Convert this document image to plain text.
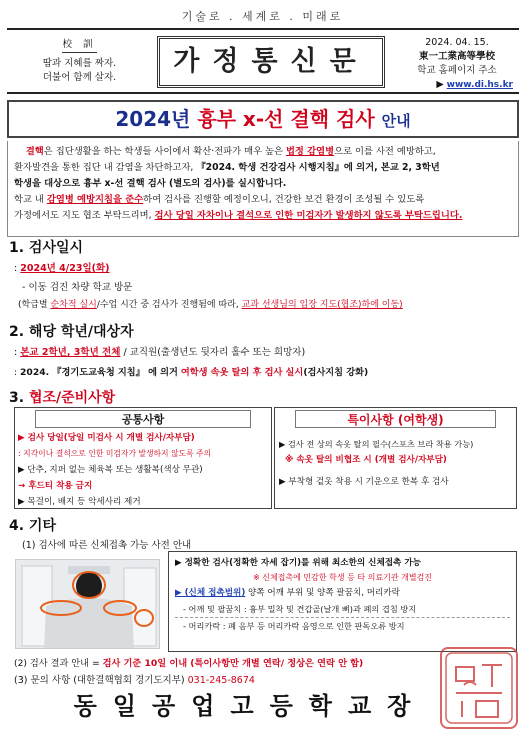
기술로 . 세계로 . 미래로
校 訓
땀과 지혜를 짜자.
더불어 함께 살자.
가정통신문
2024. 04. 15.
東一工業高等學校
학교 홈페이지 주소
▶ www.di.hs.kr
2024년 흉부 x-선 결핵 검사 안내

결핵은 집단생활을 하는 학생들 사이에서 확산·전파가 매우 높은 법정 감염병으로 이를 사전 예방하고,

환자발견을 통한 집단 내 감염을 차단하고자, 『2024. 학생 건강검사 시행지침』에 의거, 본교 2, 3학년

학생을 대상으로 흉부 x-선 결핵 검사 (별도의 검사)를 실시합니다.

학교 내 감염병 예방지침을 준수하여 검사를 진행할 예정이오니, 건강한 보건 환경이 조성될 수 있도록

가정에서도 지도 협조 부탁드리며, 검사 당일 자차이나 결석으로 인한 미검자가 발생하지 않도록 부탁드립니다.

1. 검사일시
: 2024년 4/23일(화)
- 이동 검진 차량 학교 방문
(학급별 순차적 실시/수업 시간 중 검사가 진행됨에 따라, 교과 선생님의 입장 지도(협조)하에 이동)
2. 해당 학년/대상자
: 본교 2학년, 3학년 전체 / 교직원(출생년도 뒷자리 홀수 또는 희망자)
: 2024. 『경기도교육청 지침』 에 의거 여학생 속옷 탈의 후 검사 실시(검사지침 강화)
3. 협조/준비사항
공통사항
▶ 검사 당일(당일 미검사 시 개별 검사/자부담)
: 지각이나 결석으로 인한 미검자가 발생하지 않도록 주의
▶ 단추, 지퍼 없는 체육복 또는 생활복(색상 무관)
→ 후드티 착용 금지
▶ 목걸이, 배지 등 악세사리 제거
특이사항 (여학생)
▶ 검사 전 상의 속옷 탈의 필수(스포츠 브라 착용 가능)
※ 속옷 탈의 비협조 시 (개별 검사/자부담)
▶ 부착형 겉옷 착용 시 기운으로 한복 후 검사
4. 기타
(1) 검사에 따른 신체접촉 가능 사전 안내
▶ 정확한 검사(정확한 자세 잡기)를 위해 최소한의 신체접촉 가능
※ 신체접촉에 민감한 학생 등 타 의료기관 개별검진
▶ (신체 접촉범위) 양쪽 어깨 부위 및 양쪽 팔꿈치, 머리카락
- 어깨 및 팔꿈치 : 흉부 밀착 및 견갑골(날개 뼈)과 폐의 겹침 방지
- 머리카락 : 폐 음부 등 머리카락 음영으로 인한 판독오류 방지
(2) 검사 결과 안내 = 검사 기준 10일 이내 (특이사항만 개별 연락/ 정상은 연락 안 함)
(3) 문의 사항 (대한결핵협회 경기도지부) 031-245-8674
동일공업고등학교장
